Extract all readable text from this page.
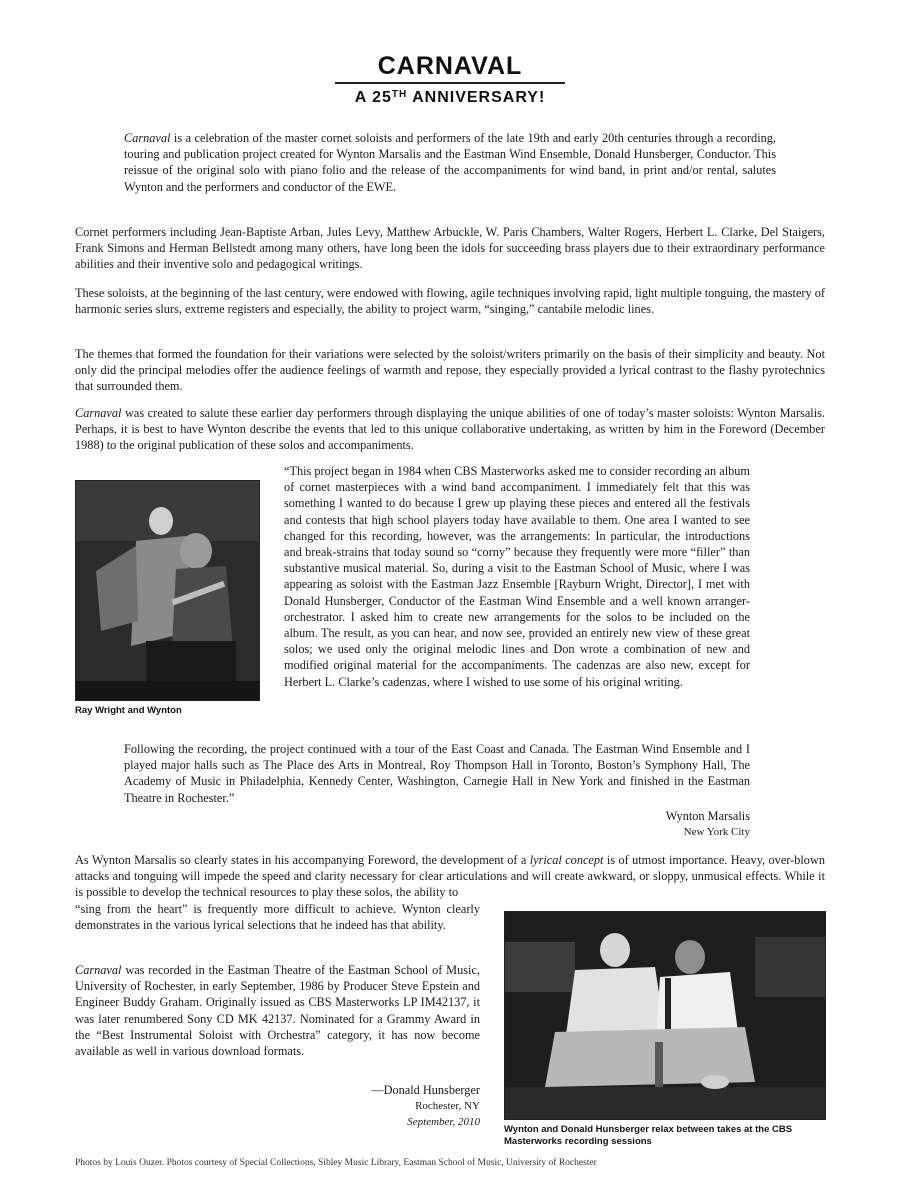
CARNAVAL
A 25TH ANNIVERSARY!

Carnaval is a celebration of the master cornet soloists and performers of the late 19th and early 20th centuries through a recording, touring and publication project created for Wynton Marsalis and the Eastman Wind Ensemble, Donald Hunsberger, Conductor. This reissue of the original solo with piano folio and the release of the accompaniments for wind band, in print and/or rental, salutes Wynton and the performers and conductor of the EWE.

Cornet performers including Jean-Baptiste Arban, Jules Levy, Matthew Arbuckle, W. Paris Chambers, Walter Rogers, Herbert L. Clarke, Del Staigers, Frank Simons and Herman Bellstedt among many others, have long been the idols for succeeding brass players due to their extraordinary performance abilities and their inventive solo and pedagogical writings.

These soloists, at the beginning of the last century, were endowed with flowing, agile techniques involving rapid, light multiple tonguing, the mastery of harmonic series slurs, extreme registers and especially, the ability to project warm, “singing,” cantabile melodic lines.

The themes that formed the foundation for their variations were selected by the soloist/writers primarily on the basis of their simplicity and beauty. Not only did the principal melodies offer the audience feelings of warmth and repose, they especially provided a lyrical contrast to the flashy pyrotechnics that surrounded them.

Carnaval was created to salute these earlier day performers through displaying the unique abilities of one of today’s master soloists: Wynton Marsalis. Perhaps, it is best to have Wynton describe the events that led to this unique collaborative undertaking, as written by him in the Foreword (December 1988) to the original publication of these solos and accompaniments.

Ray Wright and Wynton

“This project began in 1984 when CBS Masterworks asked me to consider recording an album of cornet masterpieces with a wind band accompaniment. I immediately felt that this was something I wanted to do because I grew up playing these pieces and entered all the festivals and contests that high school players today have available to them. One area I wanted to see changed for this recording, however, was the arrangements: In particular, the introductions and break-strains that today sound so “corny” because they frequently were more “filler” than substantive musical material. So, during a visit to the Eastman School of Music, where I was appearing as soloist with the Eastman Jazz Ensemble [Rayburn Wright, Director], I met with Donald Hunsberger, Conductor of the Eastman Wind Ensemble and a well known arranger-orchestrator. I asked him to create new arrangements for the solos to be included on the album. The result, as you can hear, and now see, provided an entirely new view of these great solos; we used only the original melodic lines and Don wrote a combination of new and modified original material for the accompaniments. The cadenzas are also new, except for Herbert L. Clarke’s cadenzas, where I wished to use some of his original writing.

Following the recording, the project continued with a tour of the East Coast and Canada. The Eastman Wind Ensemble and I played major halls such as The Place des Arts in Montreal, Roy Thompson Hall in Toronto, Boston’s Symphony Hall, The Academy of Music in Philadelphia, Kennedy Center, Washington, Carnegie Hall in New York and finished in the Eastman Theatre in Rochester.”

Wynton Marsalis
New York City

As Wynton Marsalis so clearly states in his accompanying Foreword, the development of a lyrical concept is of utmost importance. Heavy, over-blown attacks and tonguing will impede the speed and clarity necessary for clear articulations and will create awkward, or sloppy, unmusical effects. While it is possible to develop the technical resources to play these solos, the ability to

“sing from the heart” is frequently more difficult to achieve. Wynton clearly demonstrates in the various lyrical selections that he indeed has that ability.

Carnaval was recorded in the Eastman Theatre of the Eastman School of Music, University of Rochester, in early September, 1986 by Producer Steve Epstein and Engineer Buddy Graham. Originally issued as CBS Masterworks LP IM42137, it was later renumbered Sony CD MK 42137. Nominated for a Grammy Award in the “Best Instrumental Soloist with Orchestra” category, it has now become available as well in various download formats.

—Donald Hunsberger
Rochester, NY
September, 2010
Wynton and Donald Hunsberger relax between takes at the CBS Masterworks recording sessions
Photos by Louis Ouzer. Photos courtesy of Special Collections, Sibley Music Library, Eastman School of Music, University of Rochester
